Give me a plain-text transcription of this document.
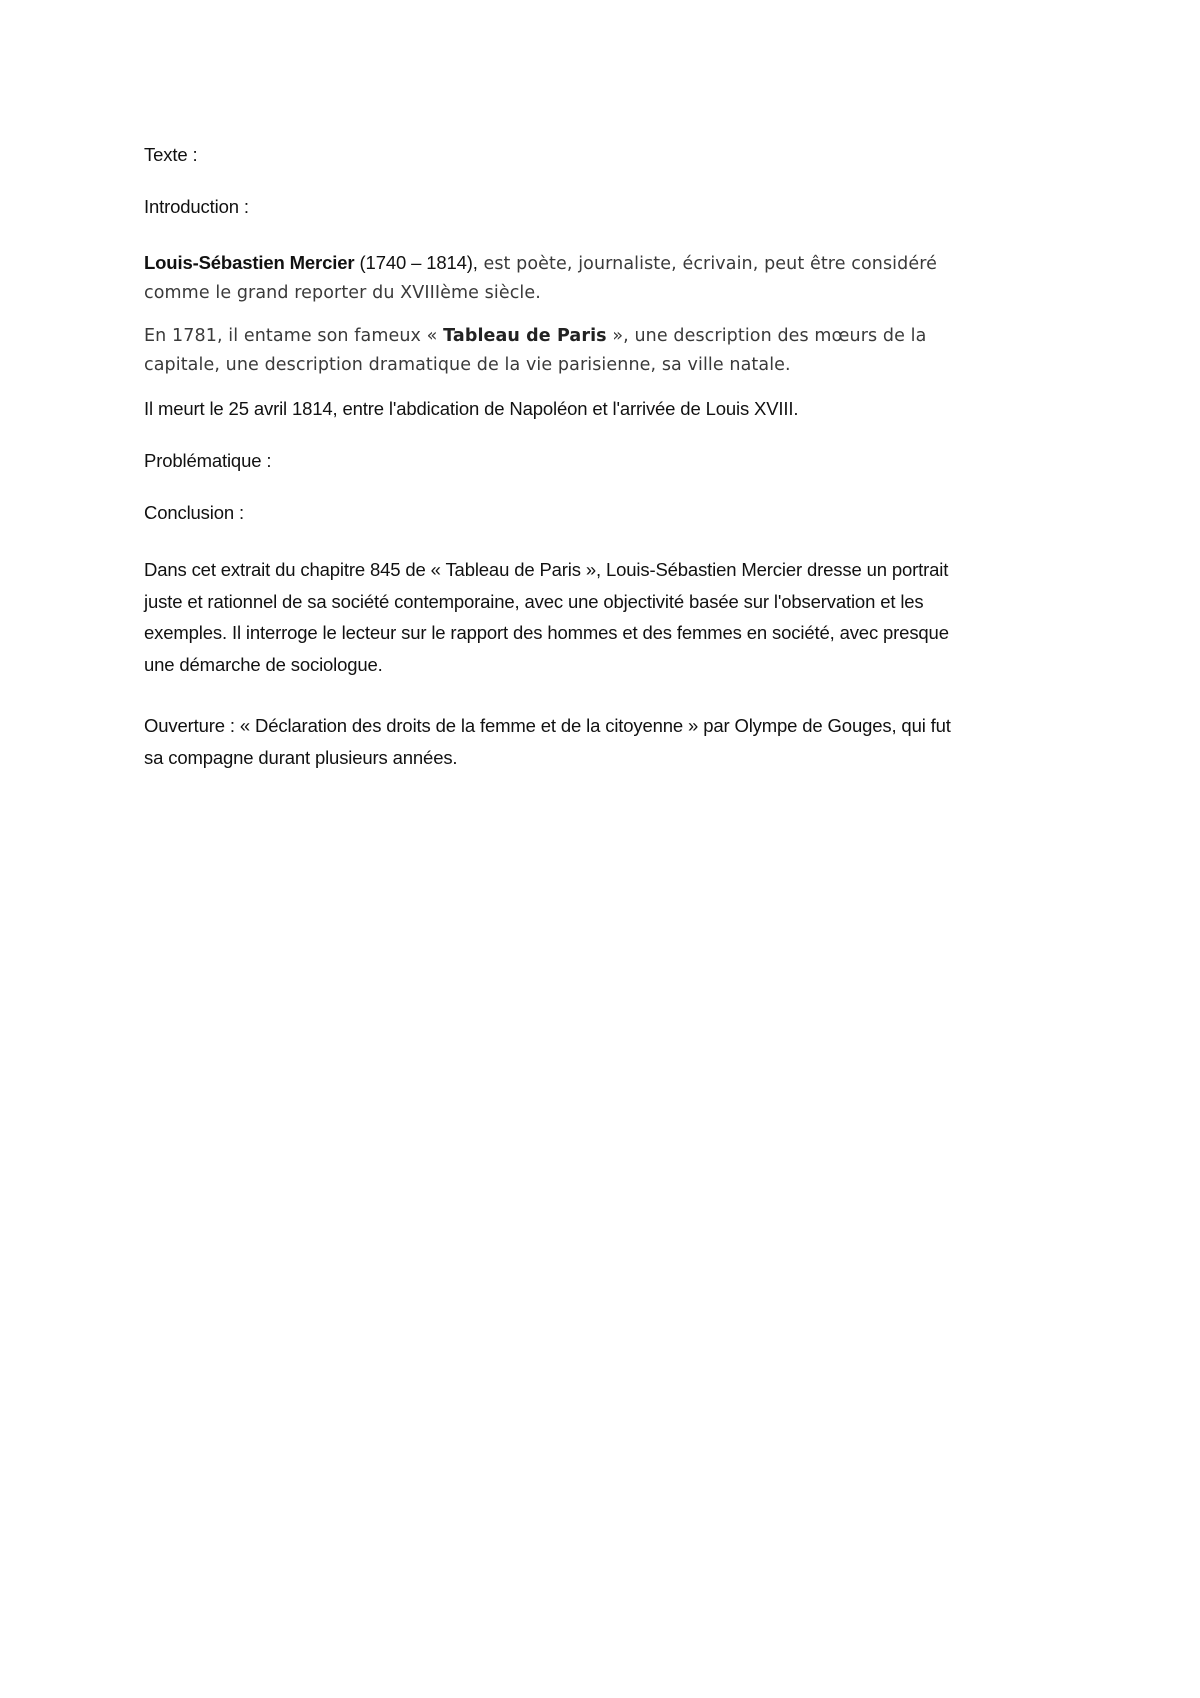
Texte :

Introduction :

Louis-Sébastien Mercier (1740 – 1814), est poète, journaliste, écrivain, peut être considéré
comme le grand reporter du XVIIIème siècle.
En 1781, il entame son fameux « Tableau de Paris », une description des mœurs de la
capitale, une description dramatique de la vie parisienne, sa ville natale.

Il meurt le 25 avril 1814, entre l'abdication de Napoléon et l'arrivée de Louis XVIII.

Problématique :

Conclusion :

Dans cet extrait du chapitre 845 de « Tableau de Paris », Louis-Sébastien Mercier dresse un portrait
juste et rationnel de sa société contemporaine, avec une objectivité basée sur l'observation et les
exemples. Il interroge le lecteur sur le rapport des hommes et des femmes en société, avec presque
une démarche de sociologue.
Ouverture : « Déclaration des droits de la femme et de la citoyenne » par Olympe de Gouges, qui fut
sa compagne durant plusieurs années.
